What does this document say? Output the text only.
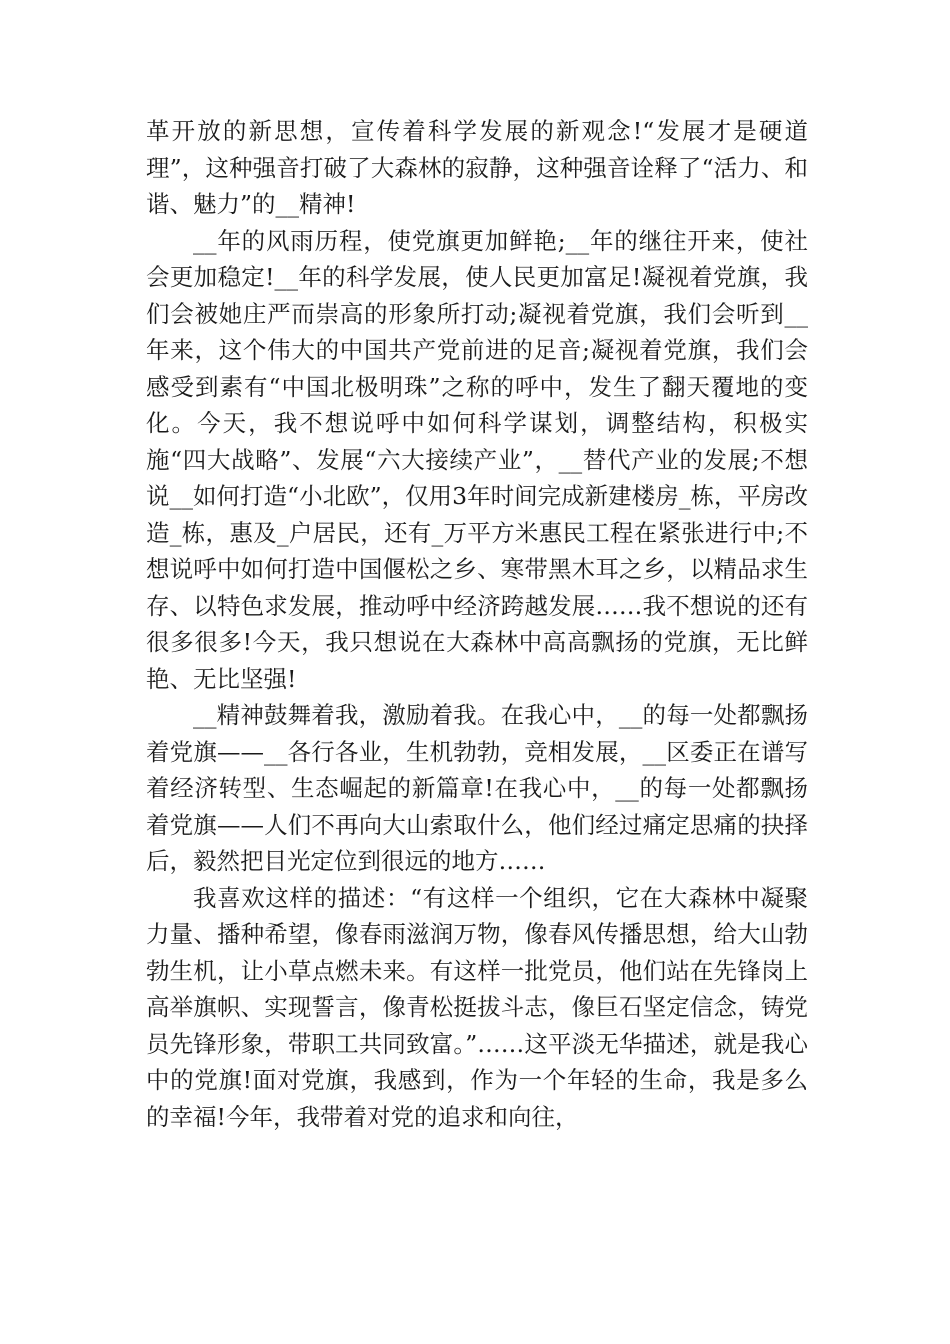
革开放的新思想，宣传着科学发展的新观念!“发展才是硬道理”，这种强音打破了大森林的寂静，这种强音诠释了“活力、和谐、魅力”的__精神!

__年的风雨历程，使党旗更加鲜艳;__年的继往开来，使社会更加稳定!__年的科学发展，使人民更加富足!凝视着党旗，我们会被她庄严而崇高的形象所打动;凝视着党旗，我们会听到__年来，这个伟大的中国共产党前进的足音;凝视着党旗，我们会感受到素有“中国北极明珠”之称的呼中，发生了翻天覆地的变化。今天，我不想说呼中如何科学谋划，调整结构，积极实施“四大战略”、发展“六大接续产业”，__替代产业的发展;不想说__如何打造“小北欧”，仅用3年时间完成新建楼房_栋，平房改造_栋，惠及_户居民，还有_万平方米惠民工程在紧张进行中;不想说呼中如何打造中国偃松之乡、寒带黑木耳之乡，以精品求生存、以特色求发展，推动呼中经济跨越发展……我不想说的还有很多很多!今天，我只想说在大森林中高高飘扬的党旗，无比鲜艳、无比坚强!

__精神鼓舞着我，激励着我。在我心中，__的每一处都飘扬着党旗——__各行各业，生机勃勃，竞相发展，__区委正在谱写着经济转型、生态崛起的新篇章!在我心中，__的每一处都飘扬着党旗——人们不再向大山索取什么，他们经过痛定思痛的抉择后，毅然把目光定位到很远的地方……

我喜欢这样的描述：“有这样一个组织，它在大森林中凝聚力量、播种希望，像春雨滋润万物，像春风传播思想，给大山勃勃生机，让小草点燃未来。有这样一批党员，他们站在先锋岗上高举旗帜、实现誓言，像青松挺拔斗志，像巨石坚定信念，铸党员先锋形象，带职工共同致富。”……这平淡无华描述，就是我心中的党旗!面对党旗，我感到，作为一个年轻的生命，我是多么的幸福!今年，我带着对党的追求和向往，
